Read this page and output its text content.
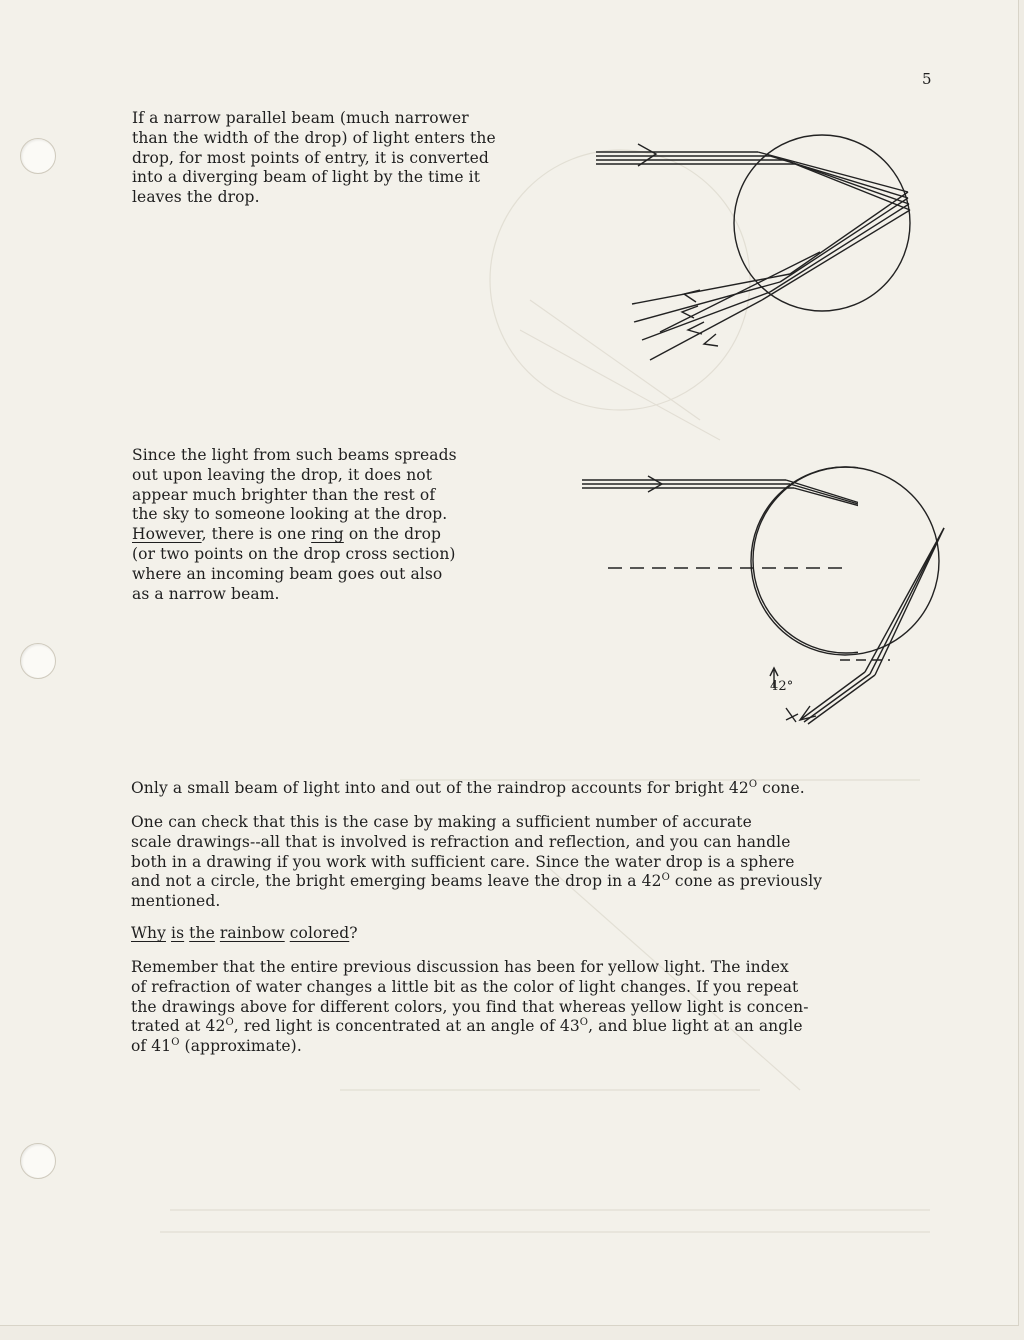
5
If a narrow parallel beam (much narrower
than the width of the drop) of light enters the
drop, for most points of entry, it is converted
into a diverging beam of light by the time it
leaves the drop.
Since the light from such beams spreads
out upon leaving the drop, it does not
appear much brighter than the rest of
the sky to someone looking at the drop.
However, there is one ring on the drop
(or two points on the drop cross section)
where an incoming beam goes out also
as a narrow beam.
42°
Only a small beam of light into and out of the raindrop accounts for bright $42^O$ cone.
One can check that this is the case by making a sufficient number of accurate
scale drawings--all that is involved is refraction and reflection, and you can handle
both in a drawing if you work with sufficient care. Since the water drop is a sphere
and not a circle, the bright emerging beams leave the drop in a $42^O$ cone as previously
mentioned.
Why is the rainbow colored?
Remember that the entire previous discussion has been for yellow light. The index
of refraction of water changes a little bit as the color of light changes. If you repeat
the drawings above for different colors, you find that whereas yellow light is concen-
trated at $42^O$, red light is concentrated at an angle of $43^O$, and blue light at an angle
of $41^O$ (approximate).
